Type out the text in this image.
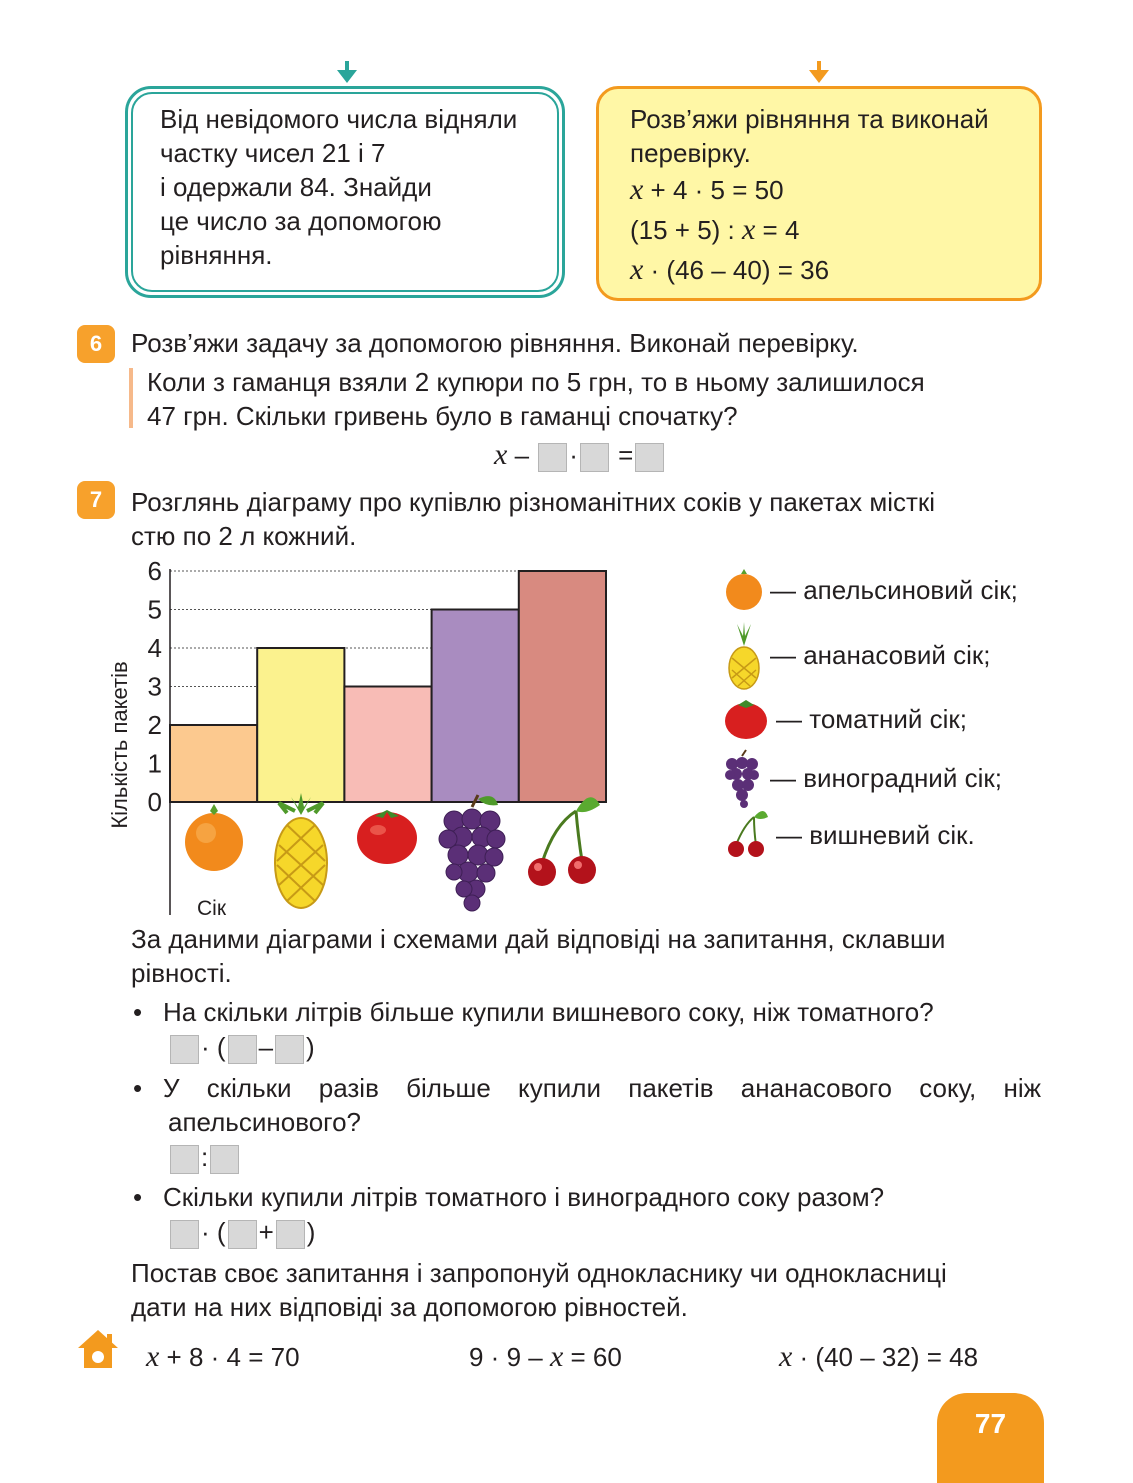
Від невідомого числа відняли
частку чисел 21 і 7
і одержали 84. Знайди
це число за допомогою
рівняння.
Розв’яжи рівняння та виконай
перевірку.
x + 4 · 5 = 50
(15 + 5) : x = 4
x · (46 – 40) = 36
6	Розв’яжи задачу за допомогою рівняння. Виконай перевірку.
Коли з гаманця взяли 2 купюри по 5 грн, то в ньому залишилося
47 грн. Скільки гривень було в гаманці спочатку?
x – · =
7	Розглянь діаграму про купівлю різноманітних соків у пакетах місткі
стю по 2 л кожний.
Кількість пакетів
Сік
0
1
2
3
4
5
6
— апельсиновий сік;
— ананасовий сік;
— томатний сік;
— виноградний сік;
— вишневий сік.
За даними діаграми і схемами дай відповіді на запитання, склавши
рівності.
• На скільки літрів більше купили вишневого соку, ніж томатного?
· ( – )
• У скільки разів більше купили пакетів ананасового соку, ніж
апельсинового?
:
• Скільки купили літрів томатного і виноградного соку разом?
· ( + )
Постав своє запитання і запропонуй однокласнику чи однокласниці
дати на них відповіді за допомогою рівностей.
x + 8 · 4 = 70	9 · 9 – x = 60	x · (40 – 32) = 48
77
